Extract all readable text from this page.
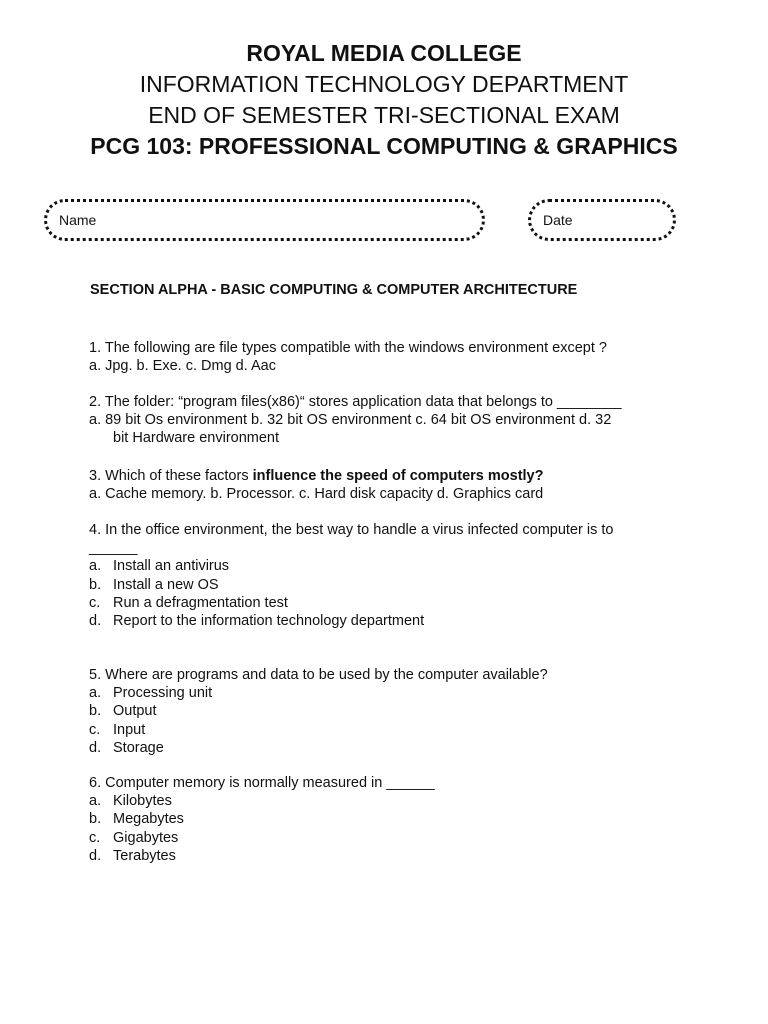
ROYAL MEDIA COLLEGE
INFORMATION TECHNOLOGY DEPARTMENT
END OF SEMESTER TRI-SECTIONAL EXAM
PCG 103: PROFESSIONAL COMPUTING & GRAPHICS
Name	Date
SECTION ALPHA - BASIC COMPUTING & COMPUTER ARCHITECTURE
1. The following are file types compatible with the windows environment except ?
a. Jpg. b. Exe. c. Dmg d. Aac
2. The folder: “program files(x86)“ stores application data that belongs to ________
a. 89 bit Os environment b. 32 bit OS environment c. 64 bit OS environment d. 32
bit Hardware environment
3. Which of these factors influence the speed of computers mostly?
a. Cache memory. b. Processor. c. Hard disk capacity d. Graphics card
4. In the office environment, the best way to handle a virus infected computer is to ______
a. Install an antivirus
b. Install a new OS
c. Run a defragmentation test
d. Report to the information technology department
5. Where are programs and data to be used by the computer available?
a. Processing unit
b. Output
c. Input
d. Storage
6. Computer memory is normally measured in ______
a. Kilobytes
b. Megabytes
c. Gigabytes
d. Terabytes
